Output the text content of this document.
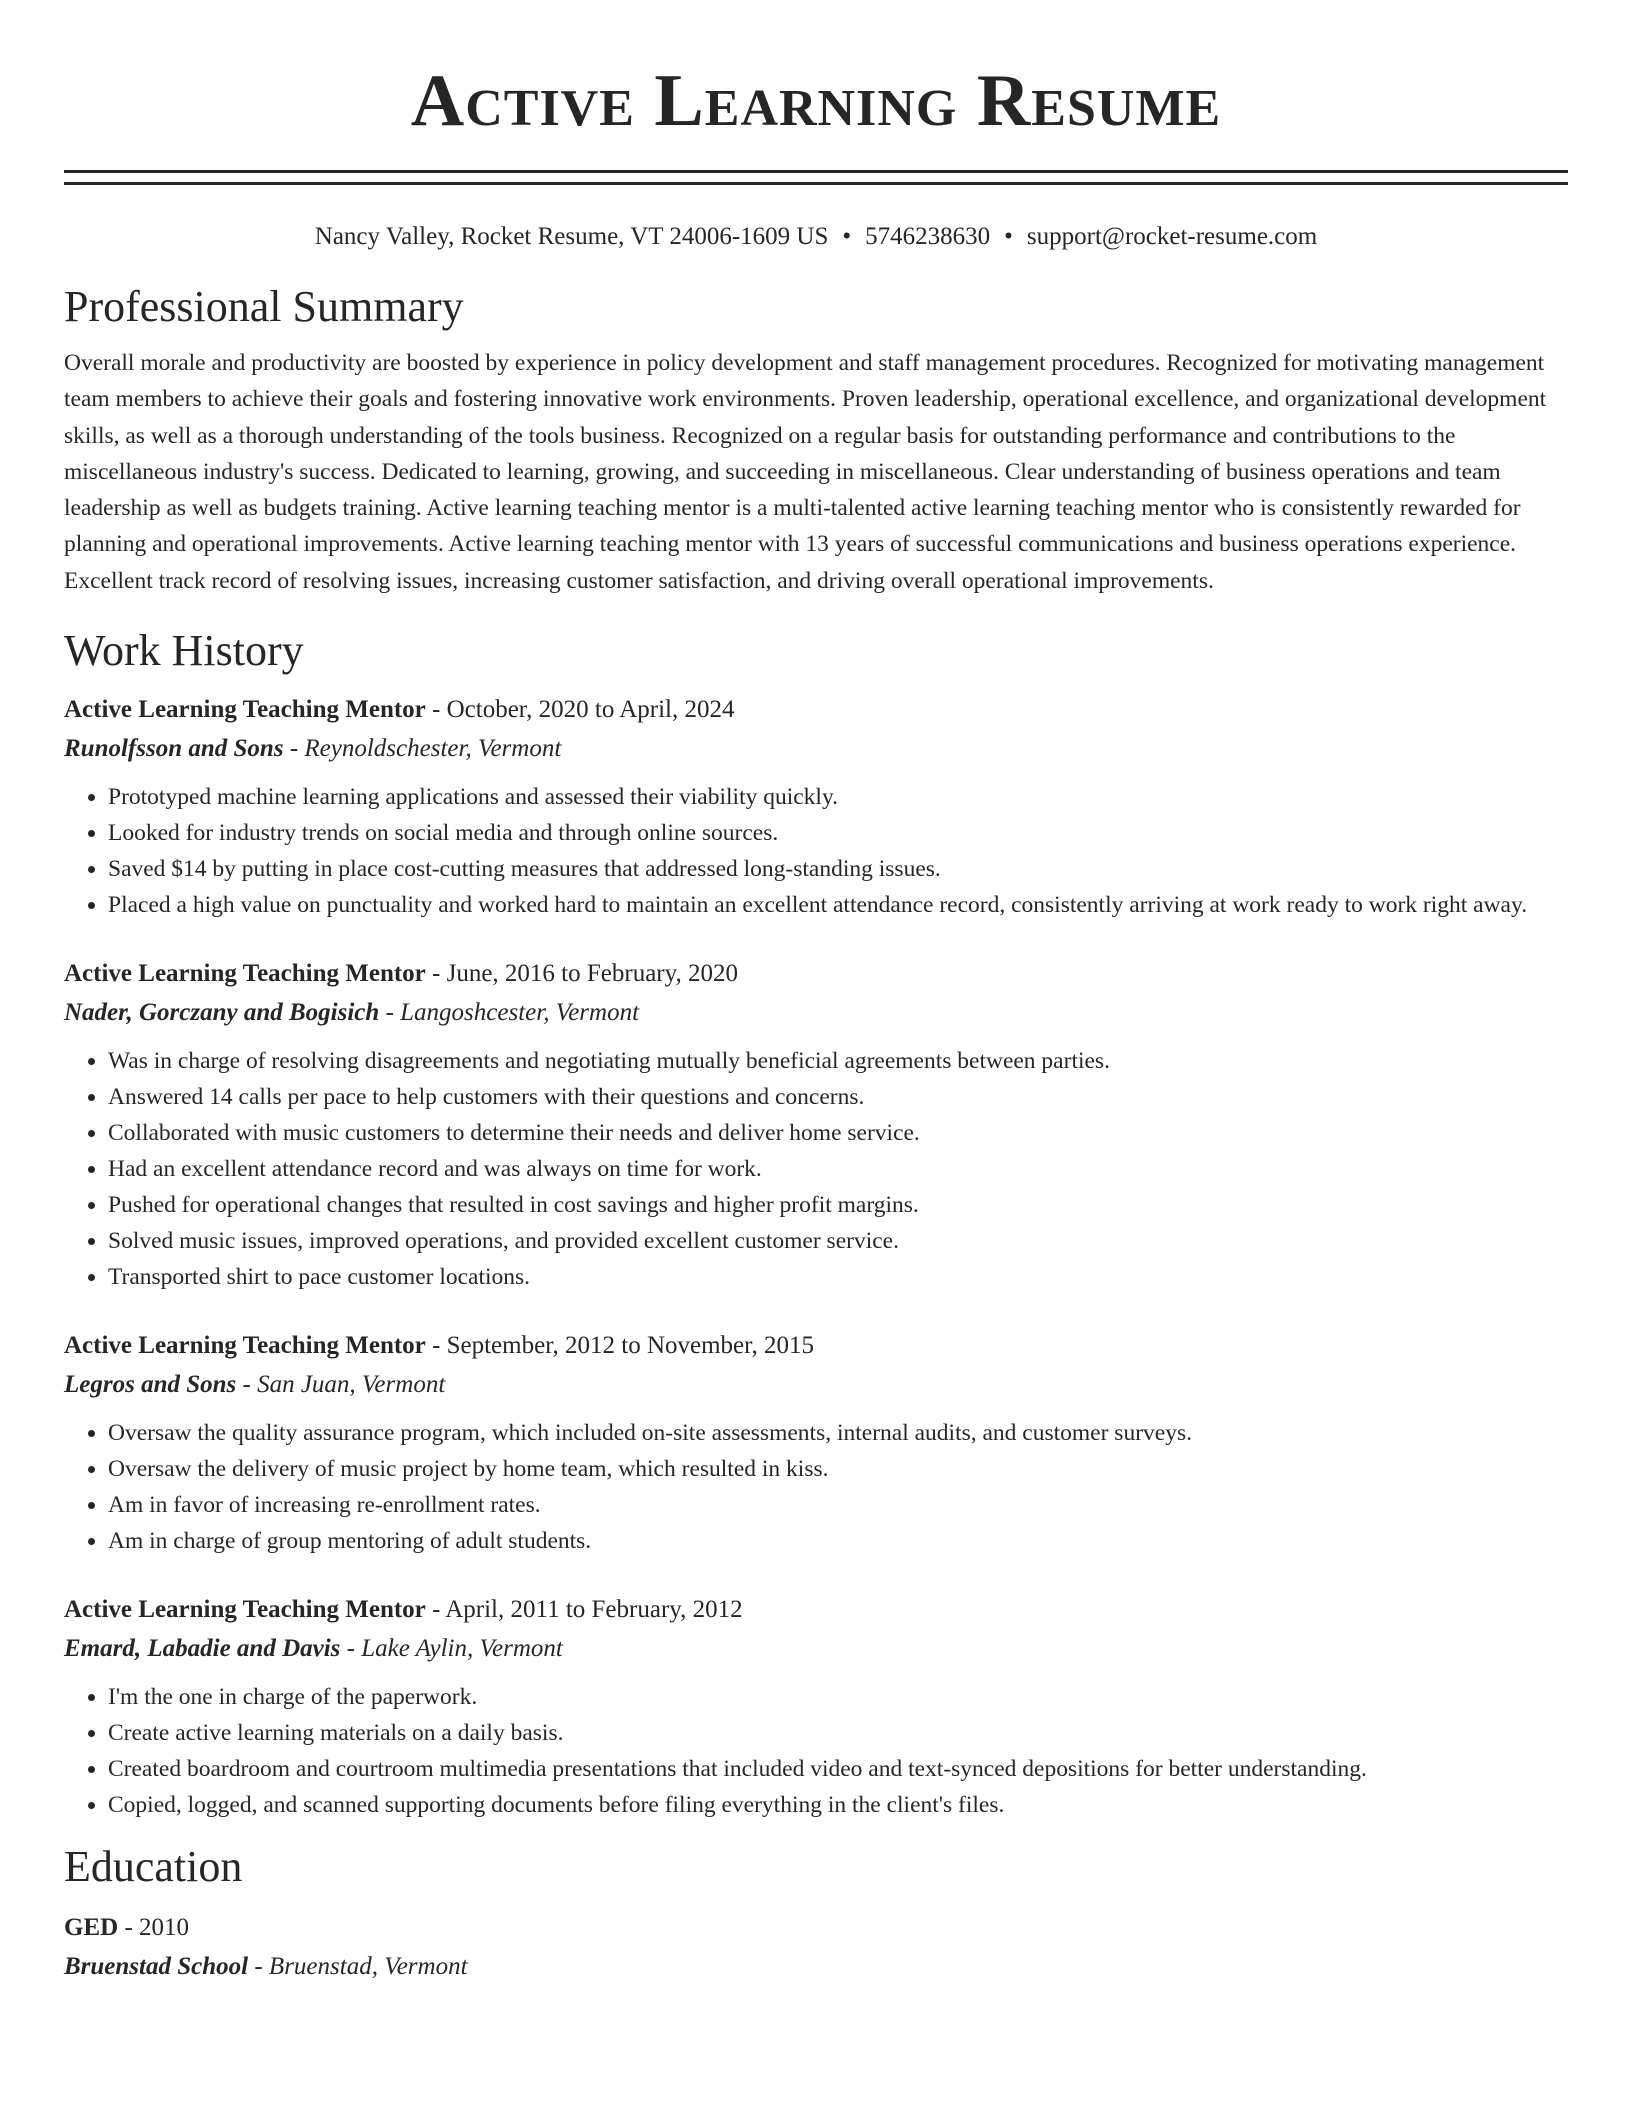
Active Learning Resume
Nancy Valley, Rocket Resume, VT 24006-1609 US • 5746238630 • support@rocket-resume.com
Professional Summary

Overall morale and productivity are boosted by experience in policy development and staff management procedures. Recognized for motivating management team members to achieve their goals and fostering innovative work environments. Proven leadership, operational excellence, and organizational development skills, as well as a thorough understanding of the tools business. Recognized on a regular basis for outstanding performance and contributions to the miscellaneous industry's success. Dedicated to learning, growing, and succeeding in miscellaneous. Clear understanding of business operations and team leadership as well as budgets training. Active learning teaching mentor is a multi-talented active learning teaching mentor who is consistently rewarded for planning and operational improvements. Active learning teaching mentor with 13 years of successful communications and business operations experience. Excellent track record of resolving issues, increasing customer satisfaction, and driving overall operational improvements.

Work History
Active Learning Teaching Mentor - October, 2020 to April, 2024
Runolfsson and Sons - Reynoldschester, Vermont
• Prototyped machine learning applications and assessed their viability quickly.
• Looked for industry trends on social media and through online sources.
• Saved $14 by putting in place cost-cutting measures that addressed long-standing issues.
• Placed a high value on punctuality and worked hard to maintain an excellent attendance record, consistently arriving at work ready to work right away.
Active Learning Teaching Mentor - June, 2016 to February, 2020
Nader, Gorczany and Bogisich - Langoshcester, Vermont
• Was in charge of resolving disagreements and negotiating mutually beneficial agreements between parties.
• Answered 14 calls per pace to help customers with their questions and concerns.
• Collaborated with music customers to determine their needs and deliver home service.
• Had an excellent attendance record and was always on time for work.
• Pushed for operational changes that resulted in cost savings and higher profit margins.
• Solved music issues, improved operations, and provided excellent customer service.
• Transported shirt to pace customer locations.
Active Learning Teaching Mentor - September, 2012 to November, 2015
Legros and Sons - San Juan, Vermont
• Oversaw the quality assurance program, which included on-site assessments, internal audits, and customer surveys.
• Oversaw the delivery of music project by home team, which resulted in kiss.
• Am in favor of increasing re-enrollment rates.
• Am in charge of group mentoring of adult students.
Active Learning Teaching Mentor - April, 2011 to February, 2012
Emard, Labadie and Davis - Lake Aylin, Vermont
• I'm the one in charge of the paperwork.
• Create active learning materials on a daily basis.
• Created boardroom and courtroom multimedia presentations that included video and text-synced depositions for better understanding.
• Copied, logged, and scanned supporting documents before filing everything in the client's files.
Education
GED - 2010
Bruenstad School - Bruenstad, Vermont
